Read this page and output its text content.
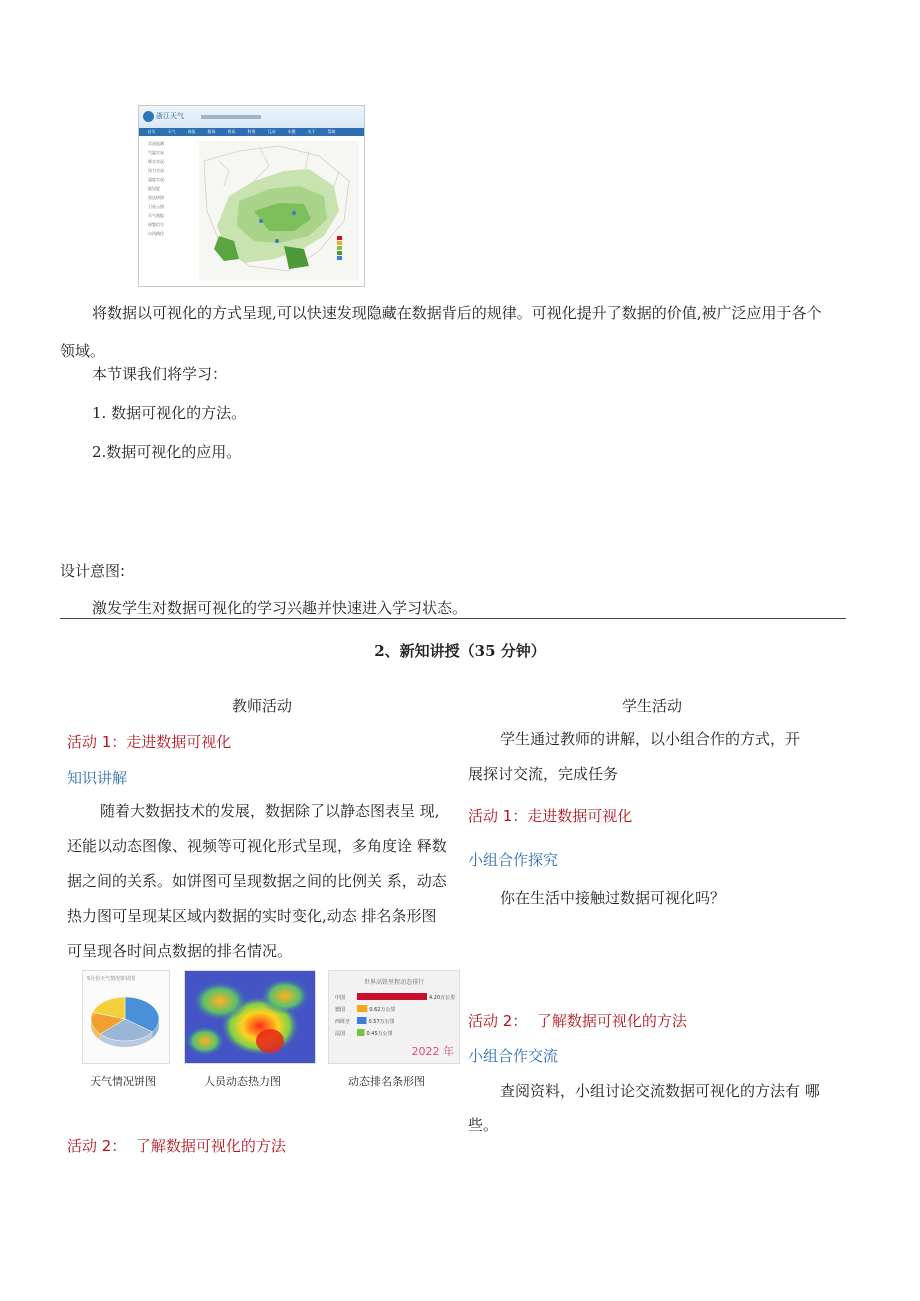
浙江天气
首页	天气	预报	服务	资讯	科普	互动	专题	关于	帮助
实况监测
气温实况
降水实况
风力实况
湿度实况
能见度
雷达拼图
卫星云图
天气预报
预警信号
台风路径
将数据以可视化的方式呈现,可以快速发现隐藏在数据背后的规律。可视化提升了数据的价值,被广泛应用于各个
领域。
本节课我们将学习：
1. 数据可视化的方法。
2.数据可视化的应用。
设计意图:
激发学生对数据可视化的学习兴趣并快速进入学习状态。
2、新知讲授（35 分钟）
教师活动
活动 1：走进数据可视化
知识讲解
随着大数据技术的发展，数据除了以静态图表呈 现,
还能以动态图像、视频等可视化形式呈现，多角度诠 释数
据之间的关系。如饼图可呈现数据之间的比例关 系，动态
热力图可呈现某区域内数据的实时变化,动态 排名条形图
可呈现各时间点数据的排名情况。
5月份天气情况饼状图	世界高铁里程动态排行
中国	4.20万公里
德国	0.62万公里
西班牙	0.57万公里
法国	0.45万公里
2022 年
天气情况饼图	人员动态热力图	动态排名条形图
活动 2：  了解数据可视化的方法
学生活动
学生通过教师的讲解，以小组合作的方式，开
展探讨交流，完成任务
活动 1：走进数据可视化
小组合作探究
你在生活中接触过数据可视化吗？
活动 2：  了解数据可视化的方法
小组合作交流
查阅资料，小组讨论交流数据可视化的方法有 哪
些。
